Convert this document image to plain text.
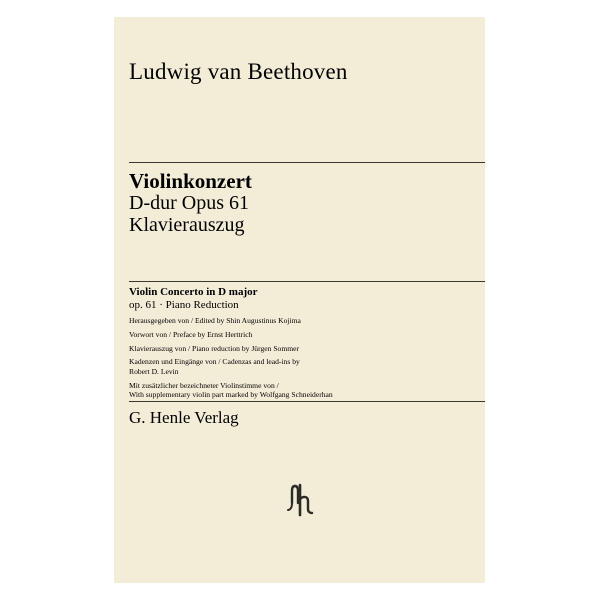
Ludwig van Beethoven
Violinkonzert
D-dur Opus 61
Klavierauszug
Violin Concerto in D major
op. 61 · Piano Reduction
Herausgegeben von / Edited by Shin Augustinus Kojima
Vorwort von / Preface by Ernst Herttrich
Klavierauszug von / Piano reduction by Jürgen Sommer
Kadenzen und Eingänge von / Cadenzas and lead-ins by
Robert D. Levin
Mit zusätzlicher bezeichneter Violinstimme von /
With supplementary violin part marked by Wolfgang Schneiderhan
G. Henle Verlag
